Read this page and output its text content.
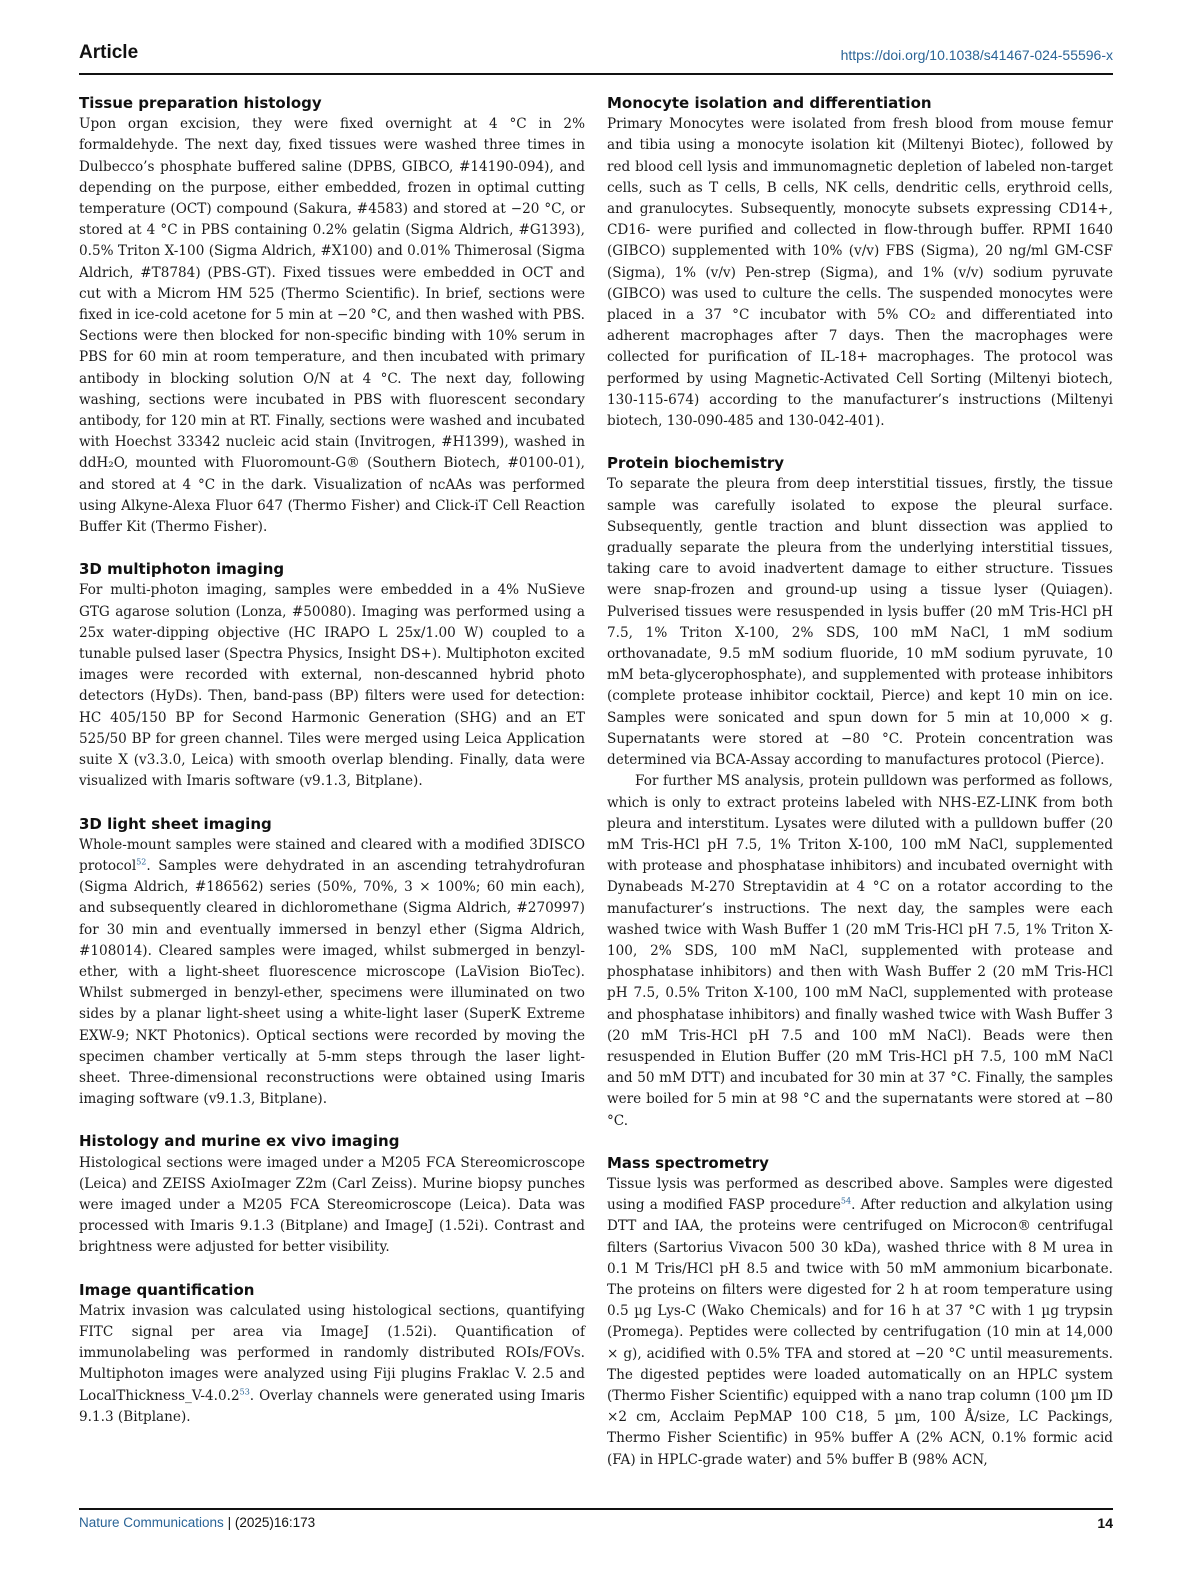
Article	https://doi.org/10.1038/s41467-024-55596-x
Tissue preparation histology

Upon organ excision, they were fixed overnight at 4 °C in 2% formaldehyde. The next day, fixed tissues were washed three times in Dulbecco’s phosphate buffered saline (DPBS, GIBCO, #14190-094), and depending on the purpose, either embedded, frozen in optimal cutting temperature (OCT) compound (Sakura, #4583) and stored at −20 °C, or stored at 4 °C in PBS containing 0.2% gelatin (Sigma Aldrich, #G1393), 0.5% Triton X-100 (Sigma Aldrich, #X100) and 0.01% Thimerosal (Sigma Aldrich, #T8784) (PBS-GT). Fixed tissues were embedded in OCT and cut with a Microm HM 525 (Thermo Scientific). In brief, sections were fixed in ice-cold acetone for 5 min at −20 °C, and then washed with PBS. Sections were then blocked for non-specific binding with 10% serum in PBS for 60 min at room temperature, and then incubated with primary antibody in blocking solution O/N at 4 °C. The next day, following washing, sections were incubated in PBS with fluorescent secondary antibody, for 120 min at RT. Finally, sections were washed and incubated with Hoechst 33342 nucleic acid stain (Invitrogen, #H1399), washed in ddH₂O, mounted with Fluoromount-G® (Southern Biotech, #0100-01), and stored at 4 °C in the dark. Visualization of ncAAs was performed using Alkyne-Alexa Fluor 647 (Thermo Fisher) and Click-iT Cell Reaction Buffer Kit (Thermo Fisher).

3D multiphoton imaging

For multi-photon imaging, samples were embedded in a 4% NuSieve GTG agarose solution (Lonza, #50080). Imaging was performed using a 25x water-dipping objective (HC IRAPO L 25x/1.00 W) coupled to a tunable pulsed laser (Spectra Physics, Insight DS+). Multiphoton excited images were recorded with external, non-descanned hybrid photo detectors (HyDs). Then, band-pass (BP) filters were used for detection: HC 405/150 BP for Second Harmonic Generation (SHG) and an ET 525/50 BP for green channel. Tiles were merged using Leica Application suite X (v3.3.0, Leica) with smooth overlap blending. Finally, data were visualized with Imaris software (v9.1.3, Bitplane).

3D light sheet imaging

Whole-mount samples were stained and cleared with a modified 3DISCO protocol$^{52}$. Samples were dehydrated in an ascending tetrahydrofuran (Sigma Aldrich, #186562) series (50%, 70%, 3 × 100%; 60 min each), and subsequently cleared in dichloromethane (Sigma Aldrich, #270997) for 30 min and eventually immersed in benzyl ether (Sigma Aldrich, #108014). Cleared samples were imaged, whilst submerged in benzyl-ether, with a light-sheet fluorescence microscope (LaVision BioTec). Whilst submerged in benzyl-ether, specimens were illuminated on two sides by a planar light-sheet using a white-light laser (SuperK Extreme EXW-9; NKT Photonics). Optical sections were recorded by moving the specimen chamber vertically at 5-mm steps through the laser light-sheet. Three-dimensional reconstructions were obtained using Imaris imaging software (v9.1.3, Bitplane).

Histology and murine ex vivo imaging

Histological sections were imaged under a M205 FCA Stereomicroscope (Leica) and ZEISS AxioImager Z2m (Carl Zeiss). Murine biopsy punches were imaged under a M205 FCA Stereomicroscope (Leica). Data was processed with Imaris 9.1.3 (Bitplane) and ImageJ (1.52i). Contrast and brightness were adjusted for better visibility.

Image quantification

Matrix invasion was calculated using histological sections, quantifying FITC signal per area via ImageJ (1.52i). Quantification of immunolabeling was performed in randomly distributed ROIs/FOVs. Multiphoton images were analyzed using Fiji plugins Fraklac V. 2.5 and LocalThickness_V-4.0.2$^{53}$. Overlay channels were generated using Imaris 9.1.3 (Bitplane).

Monocyte isolation and differentiation

Primary Monocytes were isolated from fresh blood from mouse femur and tibia using a monocyte isolation kit (Miltenyi Biotec), followed by red blood cell lysis and immunomagnetic depletion of labeled non-target cells, such as T cells, B cells, NK cells, dendritic cells, erythroid cells, and granulocytes. Subsequently, monocyte subsets expressing CD14+, CD16- were purified and collected in flow-through buffer. RPMI 1640 (GIBCO) supplemented with 10% (v/v) FBS (Sigma), 20 ng/ml GM-CSF (Sigma), 1% (v/v) Pen-strep (Sigma), and 1% (v/v) sodium pyruvate (GIBCO) was used to culture the cells. The suspended monocytes were placed in a 37 °C incubator with 5% CO₂ and differentiated into adherent macrophages after 7 days. Then the macrophages were collected for purification of IL-18+ macrophages. The protocol was performed by using Magnetic-Activated Cell Sorting (Miltenyi biotech, 130-115-674) according to the manufacturer’s instructions (Miltenyi biotech, 130-090-485 and 130-042-401).

Protein biochemistry

To separate the pleura from deep interstitial tissues, firstly, the tissue sample was carefully isolated to expose the pleural surface. Subsequently, gentle traction and blunt dissection was applied to gradually separate the pleura from the underlying interstitial tissues, taking care to avoid inadvertent damage to either structure. Tissues were snap-frozen and ground-up using a tissue lyser (Quiagen). Pulverised tissues were resuspended in lysis buffer (20 mM Tris-HCl pH 7.5, 1% Triton X-100, 2% SDS, 100 mM NaCl, 1 mM sodium orthovanadate, 9.5 mM sodium fluoride, 10 mM sodium pyruvate, 10 mM beta-glycerophosphate), and supplemented with protease inhibitors (complete protease inhibitor cocktail, Pierce) and kept 10 min on ice. Samples were sonicated and spun down for 5 min at 10,000 × g. Supernatants were stored at −80 °C. Protein concentration was determined via BCA-Assay according to manufactures protocol (Pierce).

For further MS analysis, protein pulldown was performed as follows, which is only to extract proteins labeled with NHS-EZ-LINK from both pleura and interstitum. Lysates were diluted with a pulldown buffer (20 mM Tris-HCl pH 7.5, 1% Triton X-100, 100 mM NaCl, supplemented with protease and phosphatase inhibitors) and incubated overnight with Dynabeads M-270 Streptavidin at 4 °C on a rotator according to the manufacturer’s instructions. The next day, the samples were each washed twice with Wash Buffer 1 (20 mM Tris-HCl pH 7.5, 1% Triton X-100, 2% SDS, 100 mM NaCl, supplemented with protease and phosphatase inhibitors) and then with Wash Buffer 2 (20 mM Tris-HCl pH 7.5, 0.5% Triton X-100, 100 mM NaCl, supplemented with protease and phosphatase inhibitors) and finally washed twice with Wash Buffer 3 (20 mM Tris-HCl pH 7.5 and 100 mM NaCl). Beads were then resuspended in Elution Buffer (20 mM Tris-HCl pH 7.5, 100 mM NaCl and 50 mM DTT) and incubated for 30 min at 37 °C. Finally, the samples were boiled for 5 min at 98 °C and the supernatants were stored at −80 °C.

Mass spectrometry

Tissue lysis was performed as described above. Samples were digested using a modified FASP procedure$^{54}$. After reduction and alkylation using DTT and IAA, the proteins were centrifuged on Microcon® centrifugal filters (Sartorius Vivacon 500 30 kDa), washed thrice with 8 M urea in 0.1 M Tris/HCl pH 8.5 and twice with 50 mM ammonium bicarbonate. The proteins on filters were digested for 2 h at room temperature using 0.5 µg Lys-C (Wako Chemicals) and for 16 h at 37 °C with 1 µg trypsin (Promega). Peptides were collected by centrifugation (10 min at 14,000 × g), acidified with 0.5% TFA and stored at −20 °C until measurements. The digested peptides were loaded automatically on an HPLC system (Thermo Fisher Scientific) equipped with a nano trap column (100 µm ID ×2 cm, Acclaim PepMAP 100 C18, 5 µm, 100 Å/size, LC Packings, Thermo Fisher Scientific) in 95% buffer A (2% ACN, 0.1% formic acid (FA) in HPLC-grade water) and 5% buffer B (98% ACN,

Nature Communications | (2025)16:173	14
